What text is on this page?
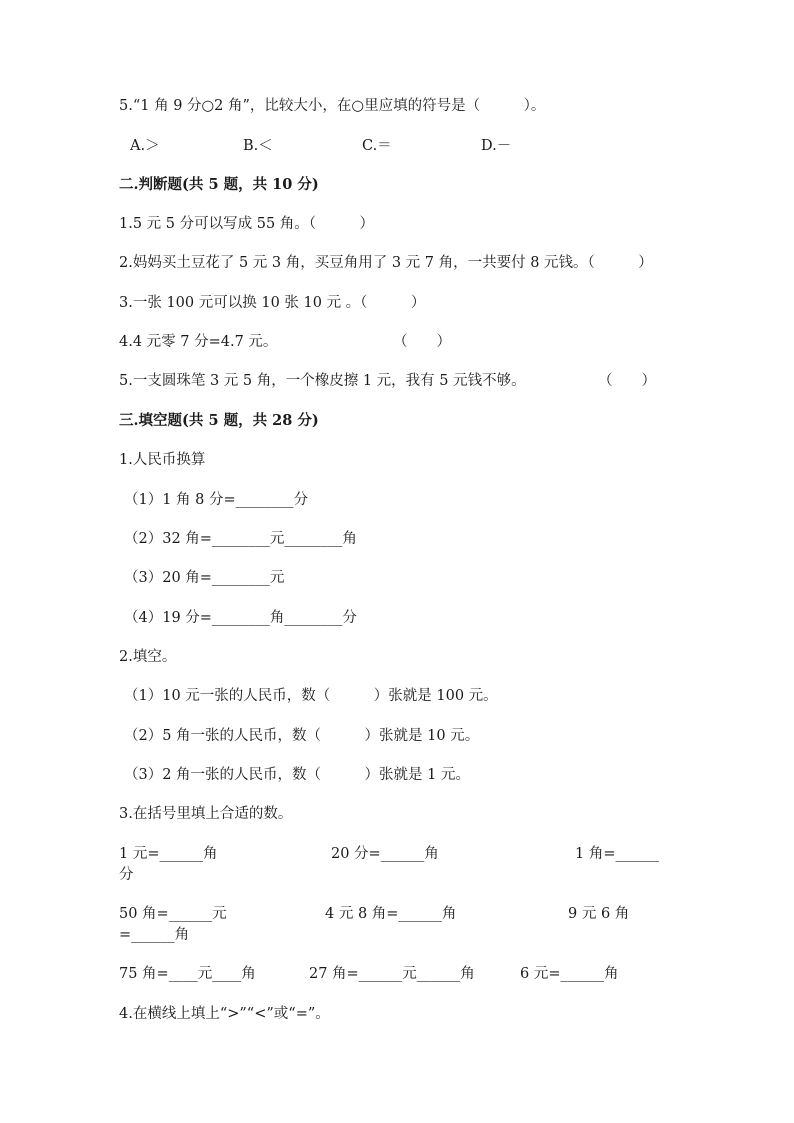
5.“1 角 9 分○2 角”，比较大小，在○里应填的符号是（　　　）。
A.＞	B.＜	C.＝	D.－
二.判断题(共 5 题，共 10 分)
1.5 元 5 分可以写成 55 角。（　　　）
2.妈妈买土豆花了 5 元 3 角，买豆角用了 3 元 7 角，一共要付 8 元钱。（　　　）
3.一张 100 元可以换 10 张 10 元 。（　　　）
4.4 元零 7 分=4.7 元。	（　　）
5.一支圆珠笔 3 元 5 角，一个橡皮擦 1 元，我有 5 元钱不够。	（　　）
三.填空题(共 5 题，共 28 分)
1.人民币换算
（1）1 角 8 分=________分
（2）32 角=________元________角
（3）20 角=________元
（4）19 分=________角________分
2.填空。
（1）10 元一张的人民币，数（　　　）张就是 100 元。
（2）5 角一张的人民币，数（　　　）张就是 10 元。
（3）2 角一张的人民币，数（　　　）张就是 1 元。
3.在括号里填上合适的数。
1 元=______角	20 分=______角	1 角=______
分
50 角=______元	4 元 8 角=______角	9 元 6 角
=______角
75 角=____元____角	27 角=______元______角	6 元=______角
4.在横线上填上“>”“<”或“=”。
